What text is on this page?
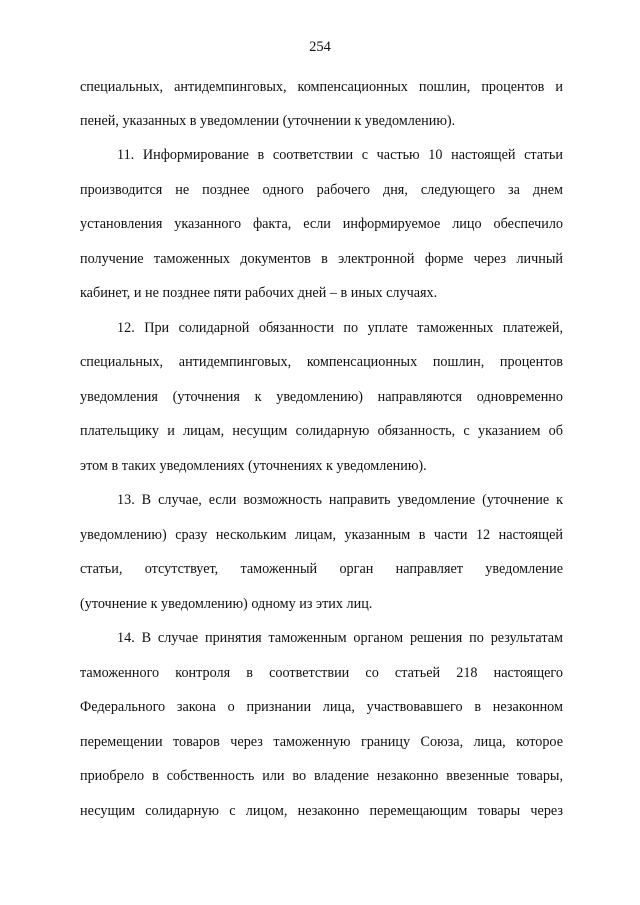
254
специальных, антидемпинговых, компенсационных пошлин, процентов и
пеней, указанных в уведомлении (уточнении к уведомлению).
11. Информирование в соответствии с частью 10 настоящей статьи
производится не позднее одного рабочего дня, следующего за днем
установления указанного факта, если информируемое лицо обеспечило
получение таможенных документов в электронной форме через личный
кабинет, и не позднее пяти рабочих дней – в иных случаях.
12. При солидарной обязанности по уплате таможенных платежей,
специальных, антидемпинговых, компенсационных пошлин, процентов
уведомления (уточнения к уведомлению) направляются одновременно
плательщику и лицам, несущим солидарную обязанность, с указанием об
этом в таких уведомлениях (уточнениях к уведомлению).
13. В случае, если возможность направить уведомление (уточнение к
уведомлению) сразу нескольким лицам, указанным в части 12 настоящей
статьи, отсутствует, таможенный орган направляет уведомление
(уточнение к уведомлению) одному из этих лиц.
14. В случае принятия таможенным органом решения по результатам
таможенного контроля в соответствии со статьей 218 настоящего
Федерального закона о признании лица, участвовавшего в незаконном
перемещении товаров через таможенную границу Союза, лица, которое
приобрело в собственность или во владение незаконно ввезенные товары,
несущим солидарную с лицом, незаконно перемещающим товары через
